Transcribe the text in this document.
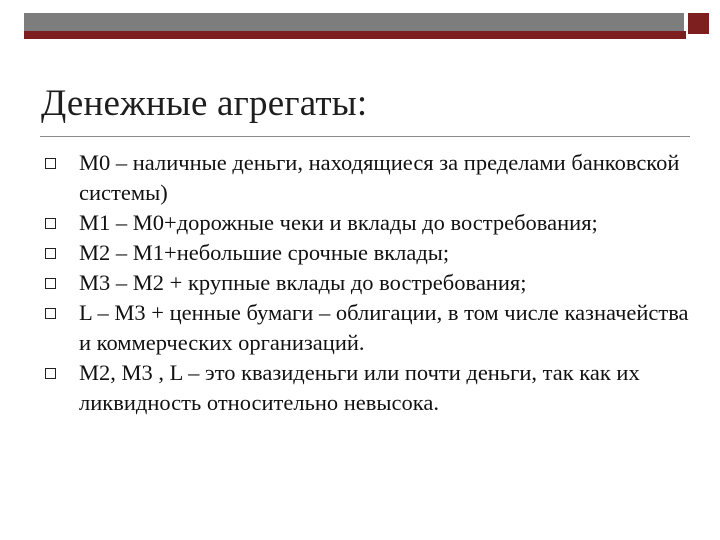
Денежные агрегаты:
М0 – наличные деньги, находящиеся за пределами банковской системы)
М1 – М0+дорожные чеки и вклады до востребования;
М2 – М1+небольшие срочные вклады;
М3 – М2 + крупные вклады до востребования;
L – М3 + ценные бумаги – облигации, в том числе казначейства и коммерческих организаций.
М2, М3 , L – это квазиденьги или почти деньги, так как их ликвидность относительно невысока.
